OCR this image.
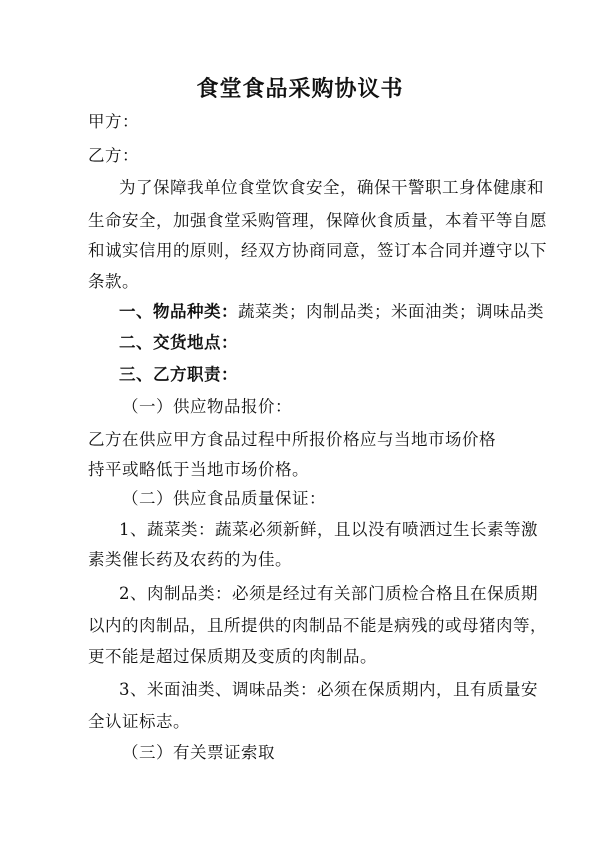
食堂食品采购协议书
甲方：
乙方：
为了保障我单位食堂饮食安全，确保干警职工身体健康和
生命安全，加强食堂采购管理，保障伙食质量，本着平等自愿
和诚实信用的原则，经双方协商同意，签订本合同并遵守以下
条款。
一、物品种类：蔬菜类；肉制品类；米面油类；调味品类
二、交货地点：
三、乙方职责：
（一）供应物品报价：
乙方在供应甲方食品过程中所报价格应与当地市场价格
持平或略低于当地市场价格。
（二）供应食品质量保证：
1、蔬菜类：蔬菜必须新鲜，且以没有喷洒过生长素等激
素类催长药及农药的为佳。
2、肉制品类：必须是经过有关部门质检合格且在保质期
以内的肉制品，且所提供的肉制品不能是病残的或母猪肉等，
更不能是超过保质期及变质的肉制品。
3、米面油类、调味品类：必须在保质期内，且有质量安
全认证标志。
（三）有关票证索取
